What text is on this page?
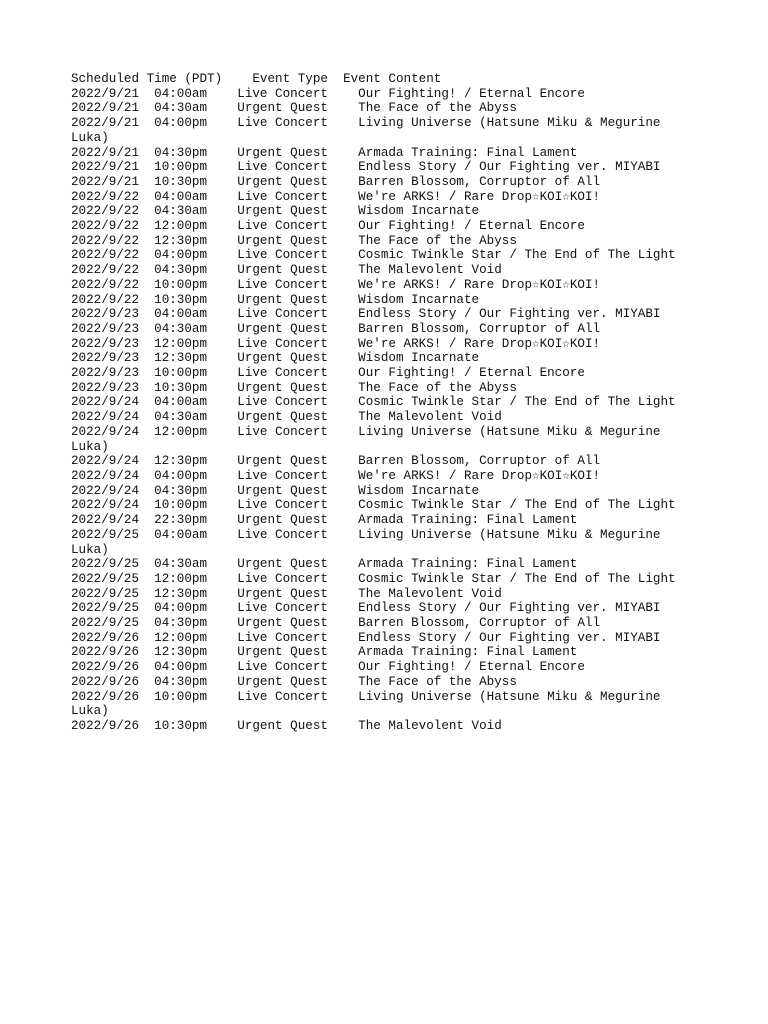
Scheduled Time (PDT)    Event Type  Event Content
2022/9/21  04:00am    Live Concert    Our Fighting! / Eternal Encore
2022/9/21  04:30am    Urgent Quest    The Face of the Abyss
2022/9/21  04:00pm    Live Concert    Living Universe (Hatsune Miku & Megurine
Luka)
2022/9/21  04:30pm    Urgent Quest    Armada Training: Final Lament
2022/9/21  10:00pm    Live Concert    Endless Story / Our Fighting ver. MIYABI
2022/9/21  10:30pm    Urgent Quest    Barren Blossom, Corruptor of All
2022/9/22  04:00am    Live Concert    We're ARKS! / Rare Drop☆KOI☆KOI!
2022/9/22  04:30am    Urgent Quest    Wisdom Incarnate
2022/9/22  12:00pm    Live Concert    Our Fighting! / Eternal Encore
2022/9/22  12:30pm    Urgent Quest    The Face of the Abyss
2022/9/22  04:00pm    Live Concert    Cosmic Twinkle Star / The End of The Light
2022/9/22  04:30pm    Urgent Quest    The Malevolent Void
2022/9/22  10:00pm    Live Concert    We're ARKS! / Rare Drop☆KOI☆KOI!
2022/9/22  10:30pm    Urgent Quest    Wisdom Incarnate
2022/9/23  04:00am    Live Concert    Endless Story / Our Fighting ver. MIYABI
2022/9/23  04:30am    Urgent Quest    Barren Blossom, Corruptor of All
2022/9/23  12:00pm    Live Concert    We're ARKS! / Rare Drop☆KOI☆KOI!
2022/9/23  12:30pm    Urgent Quest    Wisdom Incarnate
2022/9/23  10:00pm    Live Concert    Our Fighting! / Eternal Encore
2022/9/23  10:30pm    Urgent Quest    The Face of the Abyss
2022/9/24  04:00am    Live Concert    Cosmic Twinkle Star / The End of The Light
2022/9/24  04:30am    Urgent Quest    The Malevolent Void
2022/9/24  12:00pm    Live Concert    Living Universe (Hatsune Miku & Megurine
Luka)
2022/9/24  12:30pm    Urgent Quest    Barren Blossom, Corruptor of All
2022/9/24  04:00pm    Live Concert    We're ARKS! / Rare Drop☆KOI☆KOI!
2022/9/24  04:30pm    Urgent Quest    Wisdom Incarnate
2022/9/24  10:00pm    Live Concert    Cosmic Twinkle Star / The End of The Light
2022/9/24  22:30pm    Urgent Quest    Armada Training: Final Lament
2022/9/25  04:00am    Live Concert    Living Universe (Hatsune Miku & Megurine
Luka)
2022/9/25  04:30am    Urgent Quest    Armada Training: Final Lament
2022/9/25  12:00pm    Live Concert    Cosmic Twinkle Star / The End of The Light
2022/9/25  12:30pm    Urgent Quest    The Malevolent Void
2022/9/25  04:00pm    Live Concert    Endless Story / Our Fighting ver. MIYABI
2022/9/25  04:30pm    Urgent Quest    Barren Blossom, Corruptor of All
2022/9/26  12:00pm    Live Concert    Endless Story / Our Fighting ver. MIYABI
2022/9/26  12:30pm    Urgent Quest    Armada Training: Final Lament
2022/9/26  04:00pm    Live Concert    Our Fighting! / Eternal Encore
2022/9/26  04:30pm    Urgent Quest    The Face of the Abyss
2022/9/26  10:00pm    Live Concert    Living Universe (Hatsune Miku & Megurine
Luka)
2022/9/26  10:30pm    Urgent Quest    The Malevolent Void
